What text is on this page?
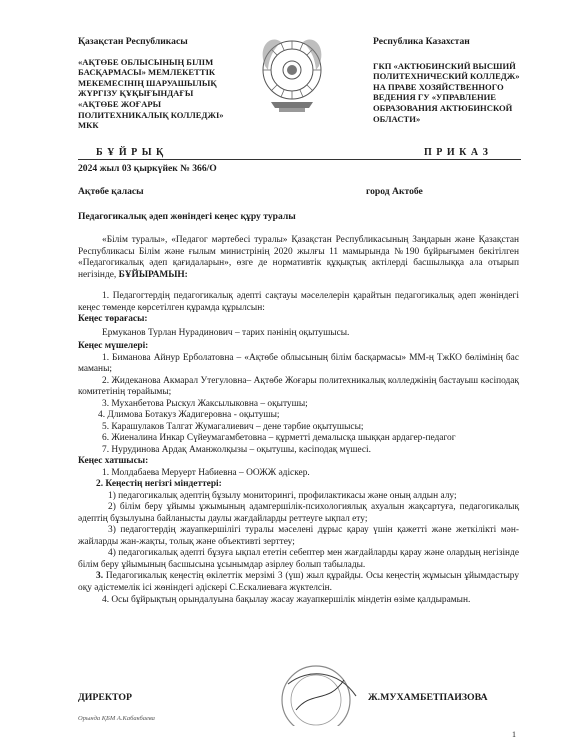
Қазақстан Республикасы
«АҚТӨБЕ ОБЛЫСЫНЫҢ БІЛІМ
БАСҚАРМАСЫ» МЕМЛЕКЕТТІК
МЕКЕМЕСІНІҢ ШАРУАШЫЛЫҚ
ЖҮРГІЗУ ҚҰҚЫҒЫНДАҒЫ
«АҚТӨБЕ ЖОҒАРЫ
ПОЛИТЕХНИКАЛЫҚ КОЛЛЕДЖІ»
МКК
Республика Казахстан
ГКП «АКТЮБИНСКИЙ ВЫСШИЙ
ПОЛИТЕХНИЧЕСКИЙ КОЛЛЕДЖ»
НА ПРАВЕ ХОЗЯЙСТВЕННОГО
ВЕДЕНИЯ ГУ «УПРАВЛЕНИЕ
ОБРАЗОВАНИЯ АКТЮБИНСКОЙ
ОБЛАСТИ»
Б Ұ Й Р Ы Қ	П Р И К А З
2024 жыл 03 қыркүйек № 366/О
Ақтөбе қаласы	город Актобе
Педагогикалық әдеп жөніндегі кеңес құру туралы
«Білім туралы», «Педагог мәртебесі туралы» Қазақстан Республикасының Заңдарын және Қазақстан Республикасы Білім және ғылым министрінің 2020 жылғы 11 мамырында №190 бұйрығымен бекітілген «Педагогикалық әдеп қағидаларын», өзге де нормативтік құқықтық актілерді басшылыққа ала отырып негізінде, БҰЙЫРАМЫН:
1. Педагогтердің педагогикалық әдепті сақтауы мәселелерін қарайтын педагогикалық әдеп жөніндегі кеңес төменде көрсетілген құрамда құрылсын:
Кеңес төрағасы:
Ермуканов Турлан Нурадинович – тарих пәнінің оқытушысы.
Кеңес мүшелері:
1. Биманова Айнур Ерболатовна – «Ақтөбе облысының білім басқармасы» ММ-ң ТжКО бөлімінің бас маманы;
2. Жидеканова Акмарал Утегуловна– Ақтөбе Жоғары политехникалық колледжінің бастауыш кәсіподақ комитетінің төрайымы;
3. Муханбетова Рыскул Жаксылыковна – оқытушы;
4. Длимова Ботакуз Жадигеровна - оқытушы;
5. Карашулаков Талгат Жумагалиевич – дене тәрбие оқытушысы;
6. Жиеналина Инкар Сүйеумагамбетовна – құрметті демалысқа шыққан ардагер-педагог
7. Нурудинова Ардақ Аманжолқызы – оқытушы, кәсіподақ мүшесі.
Кеңес хатшысы:
1. Молдабаева Меруерт Набиевна – ООЖЖ әдіскер.
2. Кеңестің негізгі міндеттері:
1) педагогикалық әдептің бұзылу мониторингі, профилактикасы және оның алдын алу;
2) білім беру ұйымы ұжымының адамгершілік-психологиялық ахуалын жақсартуға, педагогикалық әдептің бұзылуына байланысты даулы жағдайларды реттеуге ықпал ету;
3) педагогтердің жауапкершілігі туралы мәселені дұрыс қарау үшін қажетті және жеткілікті мән-жайларды жан-жақты, толық және объективті зерттеу;
4) педагогикалық әдепті бұзуға ықпал ететін себептер мен жағдайларды қарау және олардың негізінде білім беру ұйымының басшысына ұсынымдар әзірлеу болып табылады.
3. Педагогикалық кеңестің өкілеттік мерзімі 3 (үш) жыл құрайды. Осы кеңестің жұмысын ұйымдастыру оқу әдістемелік ісі жөніндегі әдіскері С.Ескалиеваға жүктелсін.
4. Осы бұйрықтың орындалуына бақылау жасау жауапкершілік міндетін өзіме қалдырамын.
ДИРЕКТОР	Ж.МУХАМБЕТПАИЗОВА
Орында ҚБМ А.Кабакбаева
1
